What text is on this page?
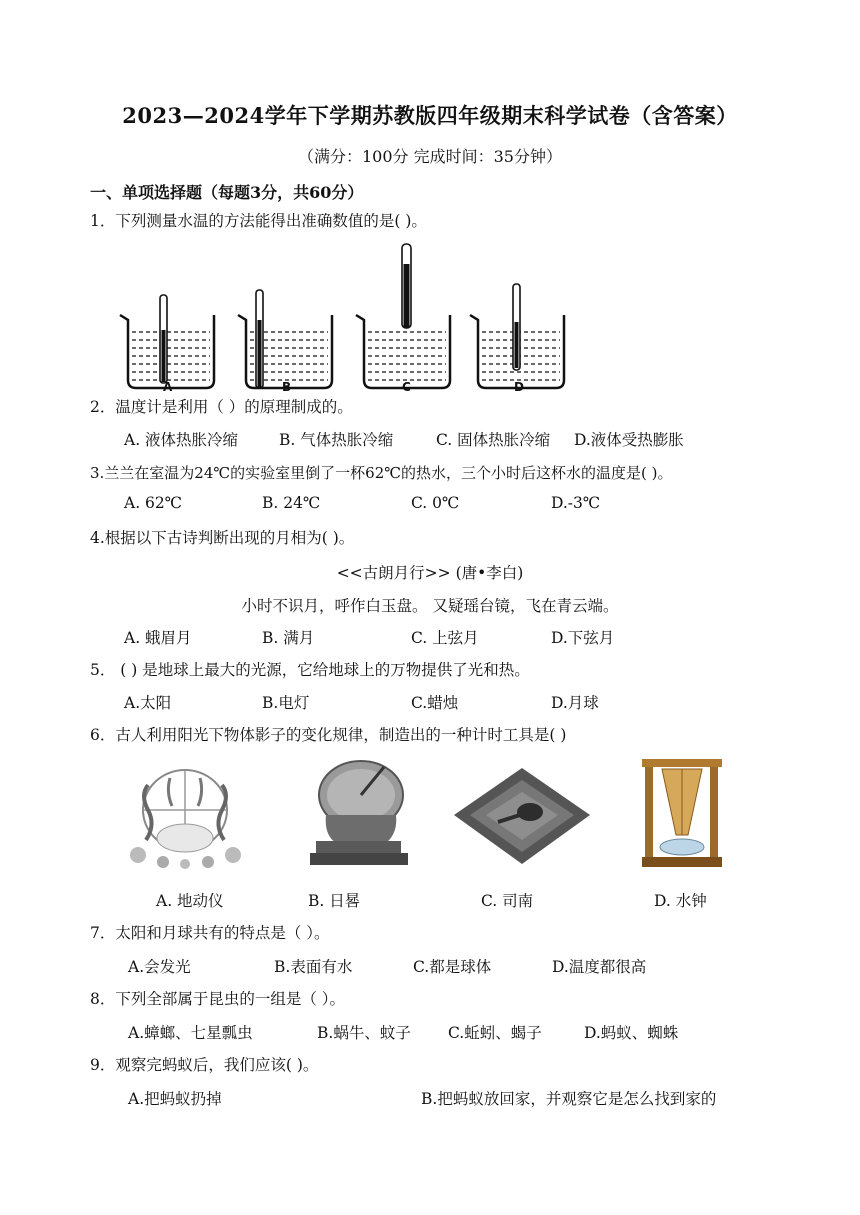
2023—2024学年下学期苏教版四年级期末科学试卷（含答案）
（满分：100分 完成时间：35分钟）
一、单项选择题（每题3分，共60分）
1．下列测量水温的方法能得出准确数值的是( )。
A	B	C	D
2．温度计是利用（ ）的原理制成的。
A. 液体热胀冷缩	B. 气体热胀冷缩	C. 固体热胀冷缩	D.液体受热膨胀
3.兰兰在室温为24℃的实验室里倒了一杯62℃的热水，三个小时后这杯水的温度是( )。
A. 62℃	B. 24℃	C. 0℃	D.-3℃
4.根据以下古诗判断出现的月相为( )。
<<古朗月行>> (唐•李白)
小时不识月，呼作白玉盘。 又疑瑶台镜，飞在青云端。
A. 蛾眉月	B. 满月	C. 上弦月	D.下弦月
5． ( ) 是地球上最大的光源，它给地球上的万物提供了光和热。
A.太阳	B.电灯	C.蜡烛	D.月球
6．古人利用阳光下物体影子的变化规律，制造出的一种计时工具是( )
A. 地动仪	B. 日晷	C. 司南	D. 水钟
7．太阳和月球共有的特点是（ ）。
A.会发光	B.表面有水	C.都是球体	D.温度都很高
8．下列全部属于昆虫的一组是（ ）。
A.蟑螂、七星瓢虫	B.蜗牛、蚊子	C.蚯蚓、蝎子	D.蚂蚁、蜘蛛
9．观察完蚂蚁后，我们应该( )。
A.把蚂蚁扔掉	B.把蚂蚁放回家，并观察它是怎么找到家的
